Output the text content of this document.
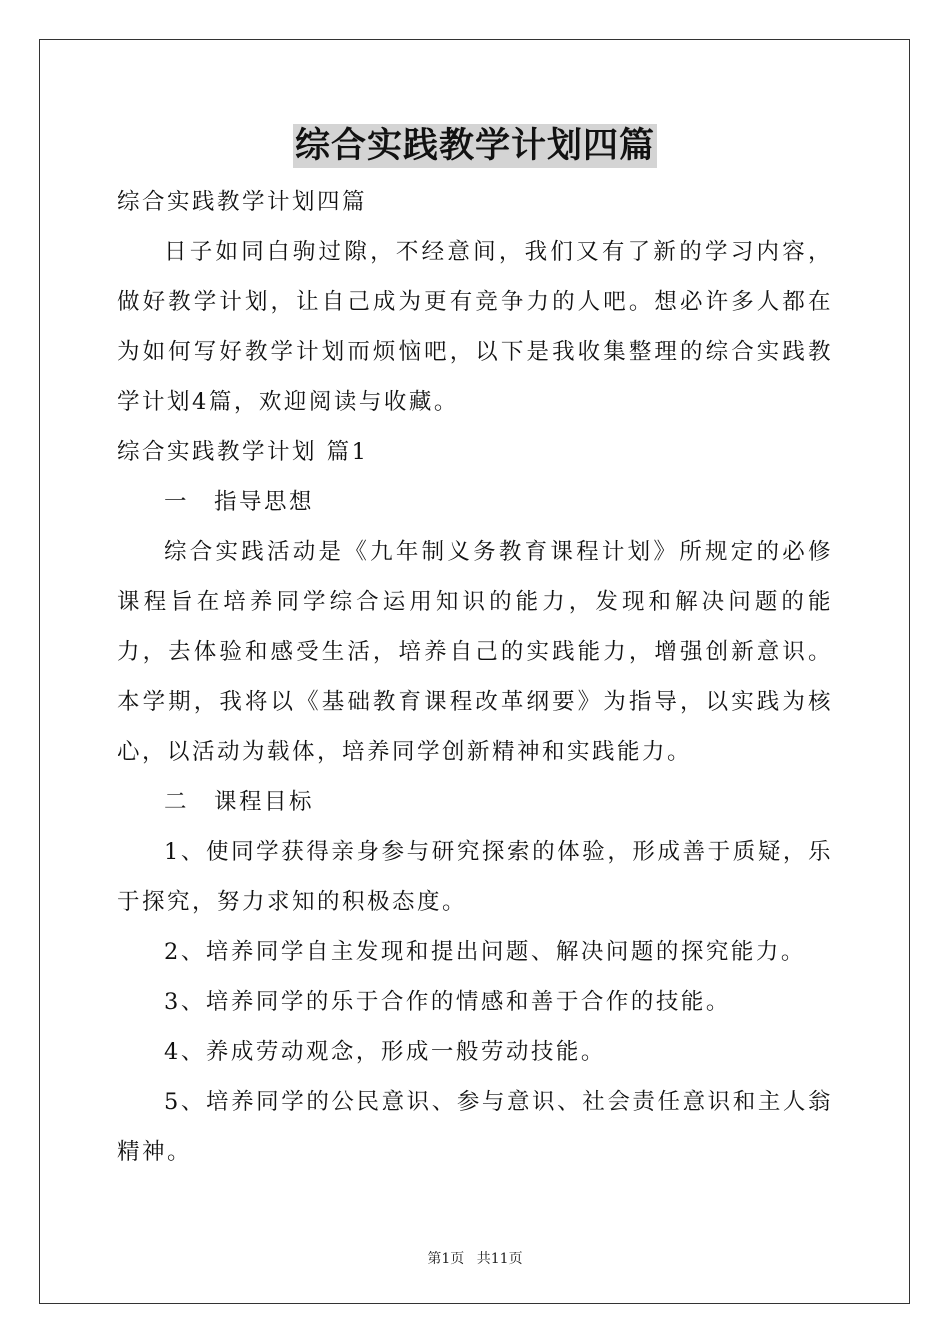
综合实践教学计划四篇

综合实践教学计划四篇

日子如同白驹过隙，不经意间，我们又有了新的学习内容，做好教学计划，让自己成为更有竞争力的人吧。想必许多人都在为如何写好教学计划而烦恼吧，以下是我收集整理的综合实践教学计划4篇，欢迎阅读与收藏。

综合实践教学计划 篇1

一　指导思想

综合实践活动是《九年制义务教育课程计划》所规定的必修课程旨在培养同学综合运用知识的能力，发现和解决问题的能力，去体验和感受生活，培养自己的实践能力，增强创新意识。本学期，我将以《基础教育课程改革纲要》为指导，以实践为核心，以活动为载体，培养同学创新精神和实践能力。

二　课程目标

1、使同学获得亲身参与研究探索的体验，形成善于质疑，乐于探究，努力求知的积极态度。

2、培养同学自主发现和提出问题、解决问题的探究能力。

3、培养同学的乐于合作的情感和善于合作的技能。

4、养成劳动观念，形成一般劳动技能。

5、培养同学的公民意识、参与意识、社会责任意识和主人翁精神。

第1页 共11页
